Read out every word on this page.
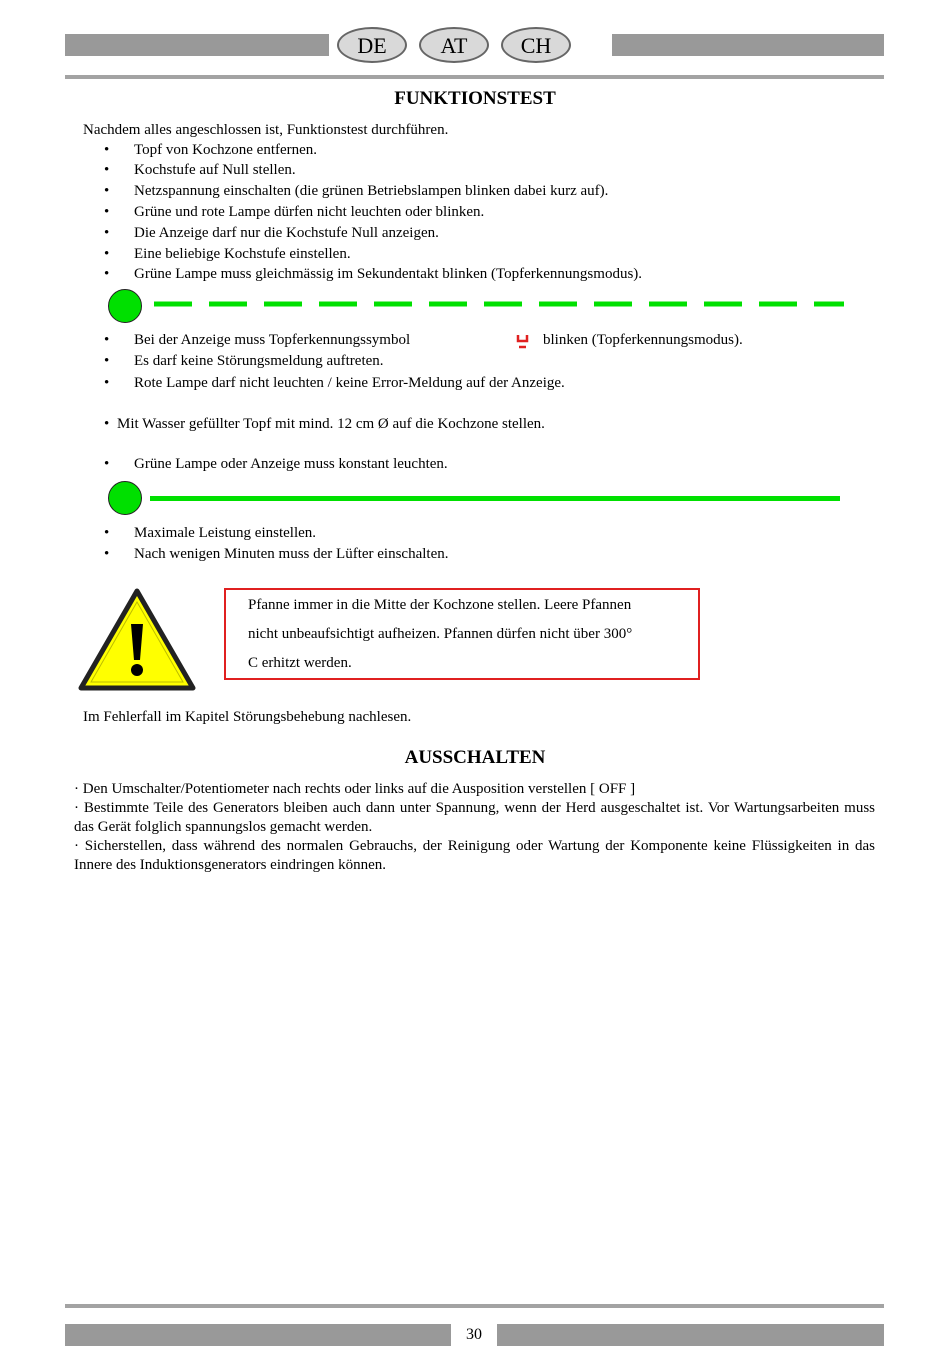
DE	AT	CH
FUNKTIONSTEST
Nachdem alles angeschlossen ist, Funktionstest durchführen.
• Topf von Kochzone entfernen.
• Kochstufe auf Null stellen.
• Netzspannung einschalten (die grünen Betriebslampen blinken dabei kurz auf).
• Grüne und rote Lampe dürfen nicht leuchten oder blinken.
• Die Anzeige darf nur die Kochstufe Null anzeigen.
• Eine beliebige Kochstufe einstellen.
• Grüne Lampe muss gleichmässig im Sekundentakt blinken (Topferkennungsmodus).
• Bei der Anzeige muss Topferkennungssymbol	blinken (Topferkennungsmodus).
• Es darf keine Störungsmeldung auftreten.
• Rote Lampe darf nicht leuchten / keine Error-Meldung auf der Anzeige.
• Mit Wasser gefüllter Topf mit mind. 12 cm Ø auf die Kochzone stellen.
• Grüne Lampe oder Anzeige muss konstant leuchten.
• Maximale Leistung einstellen.
• Nach wenigen Minuten muss der Lüfter einschalten.
Pfanne immer in die Mitte der Kochzone stellen. Leere Pfannen
nicht unbeaufsichtigt aufheizen. Pfannen dürfen nicht über 300°
C erhitzt werden.
Im Fehlerfall im Kapitel Störungsbehebung nachlesen.
AUSSCHALTEN
· Den Umschalter/Potentiometer nach rechts oder links auf die Ausposition verstellen [ OFF ]
· Bestimmte Teile des Generators bleiben auch dann unter Spannung, wenn der Herd ausgeschaltet ist. Vor Wartungsarbeiten muss das Gerät folglich spannungslos gemacht werden.
· Sicherstellen, dass während des normalen Gebrauchs, der Reinigung oder Wartung der Komponente keine Flüssigkeiten in das Innere des Induktionsgenerators eindringen können.
30
